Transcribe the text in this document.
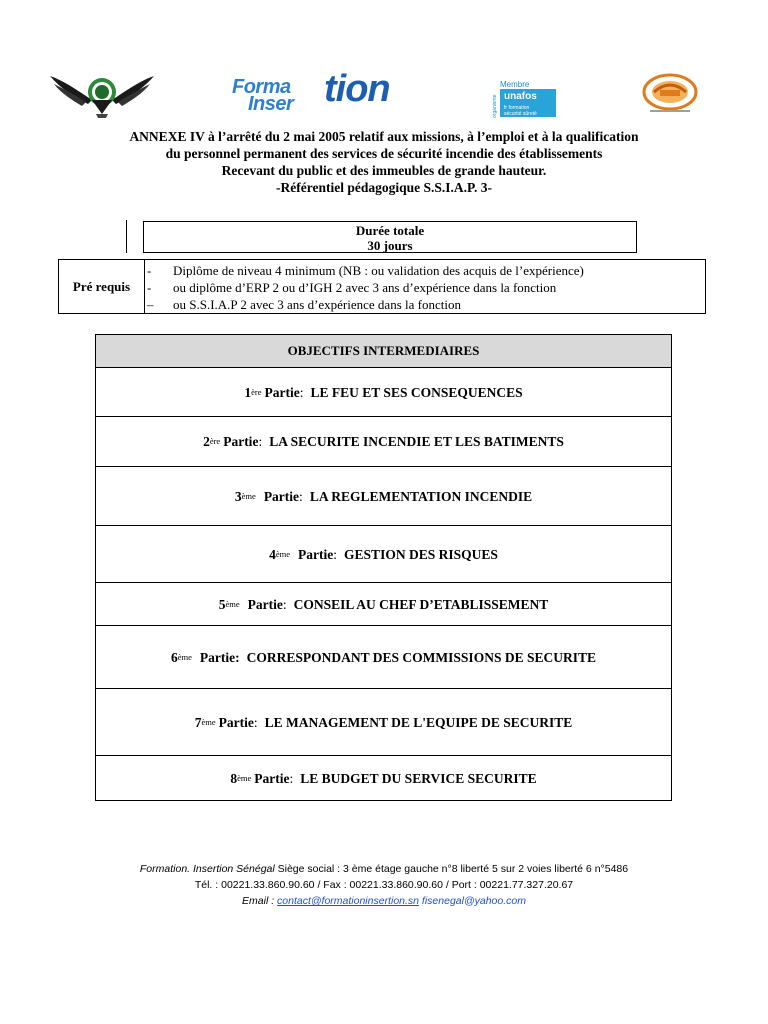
Forma
Inser tion	Membre
organisme unafos
fr formation
sécurité sûreté
ANNEXE IV à l’arrêté du 2 mai 2005 relatif aux missions, à l’emploi et à la qualification
du personnel permanent des services de sécurité incendie des établissements
Recevant du public et des immeubles de grande hauteur.
-Référentiel pédagogique S.S.I.A.P. 3-
Durée totale
30 jours
Pré requis
- Diplôme de niveau 4 minimum (NB : ou validation des acquis de l’expérience)
- ou diplôme d’ERP 2 ou d’IGH 2 avec 3 ans d’expérience dans la fonction
– ou S.S.I.A.P 2 avec 3 ans d’expérience dans la fonction
OBJECTIFS INTERMEDIAIRES
1ère Partie : LE FEU ET SES CONSEQUENCES
2ère Partie : LA SECURITE INCENDIE ET LES BATIMENTS
3ème Partie : LA REGLEMENTATION INCENDIE
4ème Partie : GESTION DES RISQUES
5ème Partie : CONSEIL AU CHEF D’ETABLISSEMENT
6ème Partie: CORRESPONDANT DES COMMISSIONS DE SECURITE
7ème Partie : LE MANAGEMENT DE L'EQUIPE DE SECURITE
8ème Partie : LE BUDGET DU SERVICE SECURITE
Formation. Insertion Sénégal Siège social : 3 ème étage gauche n°8 liberté 5 sur 2 voies liberté 6 n°5486
Tél. : 00221.33.860.90.60 / Fax : 00221.33.860.90.60 / Port : 00221.77.327.20.67
Email : contact@formationinsertion.sn fisenegal@yahoo.com
